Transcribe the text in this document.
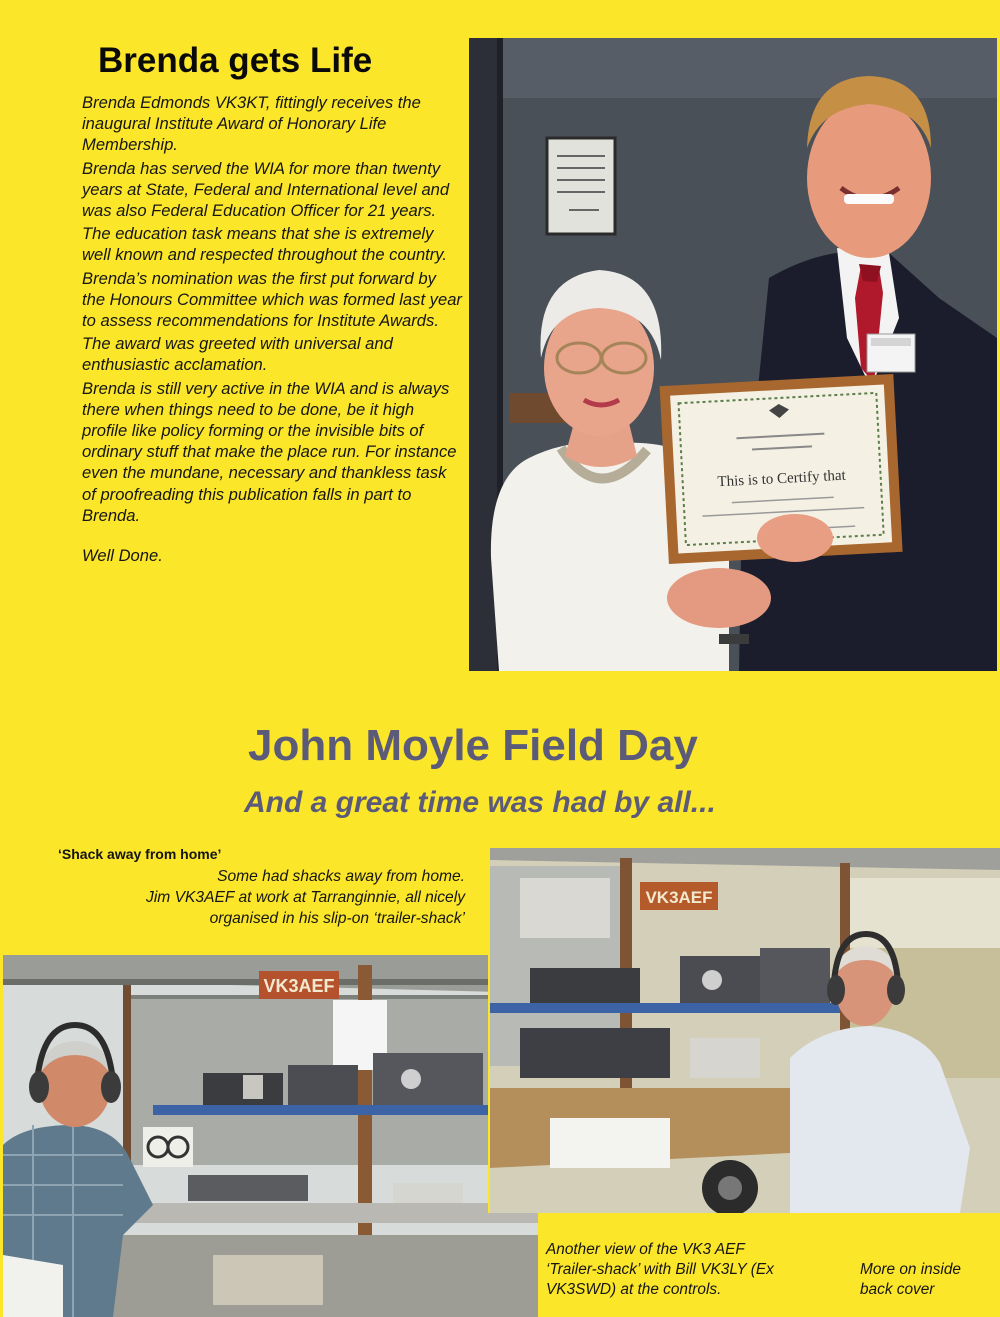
Brenda gets Life

Brenda Edmonds VK3KT, fittingly receives the inaugural Institute Award of Honorary Life Membership.

Brenda has served the WIA for more than twenty years at State, Federal and International level and was also Federal Education Officer for 21 years.

The education task means that she is extremely well known and respected throughout the country.

Brenda’s nomination was the first put forward by the Honours Committee which was formed last year to assess recommendations for Institute Awards.

The award was greeted with universal and enthusiastic acclamation.

Brenda is still very active in the WIA and is always there when things need to be done, be it high profile like policy forming or the invisible bits of ordinary stuff that make the place run. For instance even the mundane, necessary and thankless task of proofreading this publication falls in part to Brenda.

Well Done.

This is to Certify that
John Moyle Field Day
And a great time was had by all...
‘Shack away from home’
Some had shacks away from home.
Jim VK3AEF at work at Tarranginnie, all nicely
organised in his slip-on ‘trailer-shack’
VK3AEF
VK3AEF
Another view of the VK3 AEF
‘Trailer-shack’ with Bill VK3LY (Ex
VK3SWD) at the controls.
More on inside
back cover
